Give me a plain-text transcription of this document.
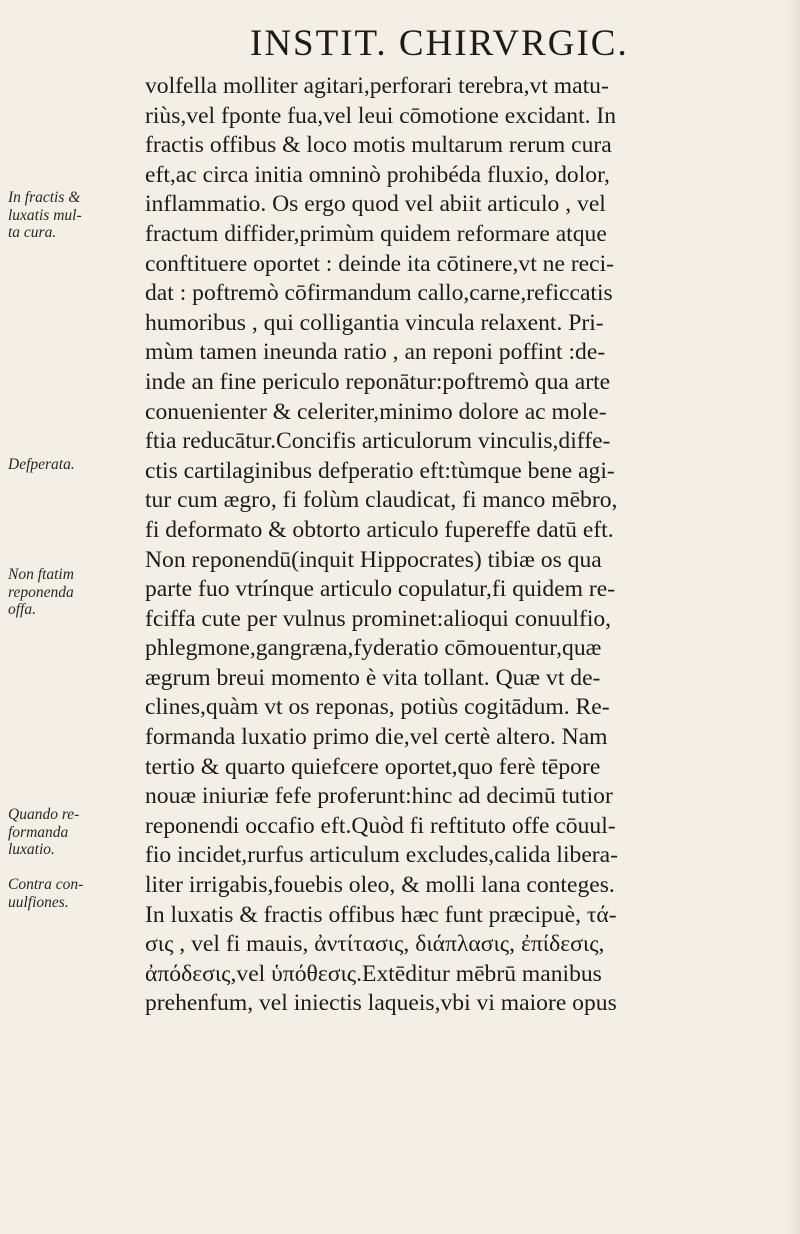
INSTIT. CHIRVRGIC.
volfella molliter agitari,perforari terebra,vt matu-
riùs,vel fponte fua,vel leui cōmotione excidant. In
fractis offibus & loco motis multarum rerum cura
eft,ac circa initia omninò prohibéda fluxio, dolor,
inflammatio. Os ergo quod vel abiit articulo , vel
fractum diffider,primùm quidem reformare atque
conftituere oportet : deinde ita cōtinere,vt ne reci-
dat : poftremò cōfirmandum callo,carne,reficcatis
humoribus , qui colligantia vincula relaxent. Pri-
mùm tamen ineunda ratio , an reponi poffint :de-
inde an fine periculo reponātur:poftremò qua arte
conuenienter & celeriter,minimo dolore ac mole-
ftia reducātur.Concifis articulorum vinculis,diffe-
ctis cartilaginibus defperatio eft:tùmque bene agi-
tur cum ægro, fi folùm claudicat, fi manco mēbro,
fi deformato & obtorto articulo fupereffe datū eft.
Non reponendū(inquit Hippocrates) tibiæ os qua
parte fuo vtrínque articulo copulatur,fi quidem re-
fciffa cute per vulnus prominet:alioqui conuulfio,
phlegmone,gangræna,fyderatio cōmouentur,quæ
ægrum breui momento è vita tollant. Quæ vt de-
clines,quàm vt os reponas, potiùs cogitādum. Re-
formanda luxatio primo die,vel certè altero. Nam
tertio & quarto quiefcere oportet,quo ferè tēpore
nouæ iniuriæ fefe proferunt:hinc ad decimū tutior
reponendi occafio eft.Quòd fi reftituto offe cōuul-
fio incidet,rurfus articulum excludes,calida libera-
liter irrigabis,fouebis oleo, & molli lana conteges.
In luxatis & fractis offibus hæc funt præcipuè, τά-
σις , vel fi mauis, ἀντίτασις, διάπλασις, ἐπίδεσις,
ἀπόδεσις,vel ὑπόθεσις.Extēditur mēbrū manibus
prehenfum, vel iniectis laqueis,vbi vi maiore opus
In fractis &
luxatis mul-
ta cura.
Defperata.
Non ftatim
reponenda
offa.
Quando re-
formanda
luxatio.
Contra con-
uulfiones.
